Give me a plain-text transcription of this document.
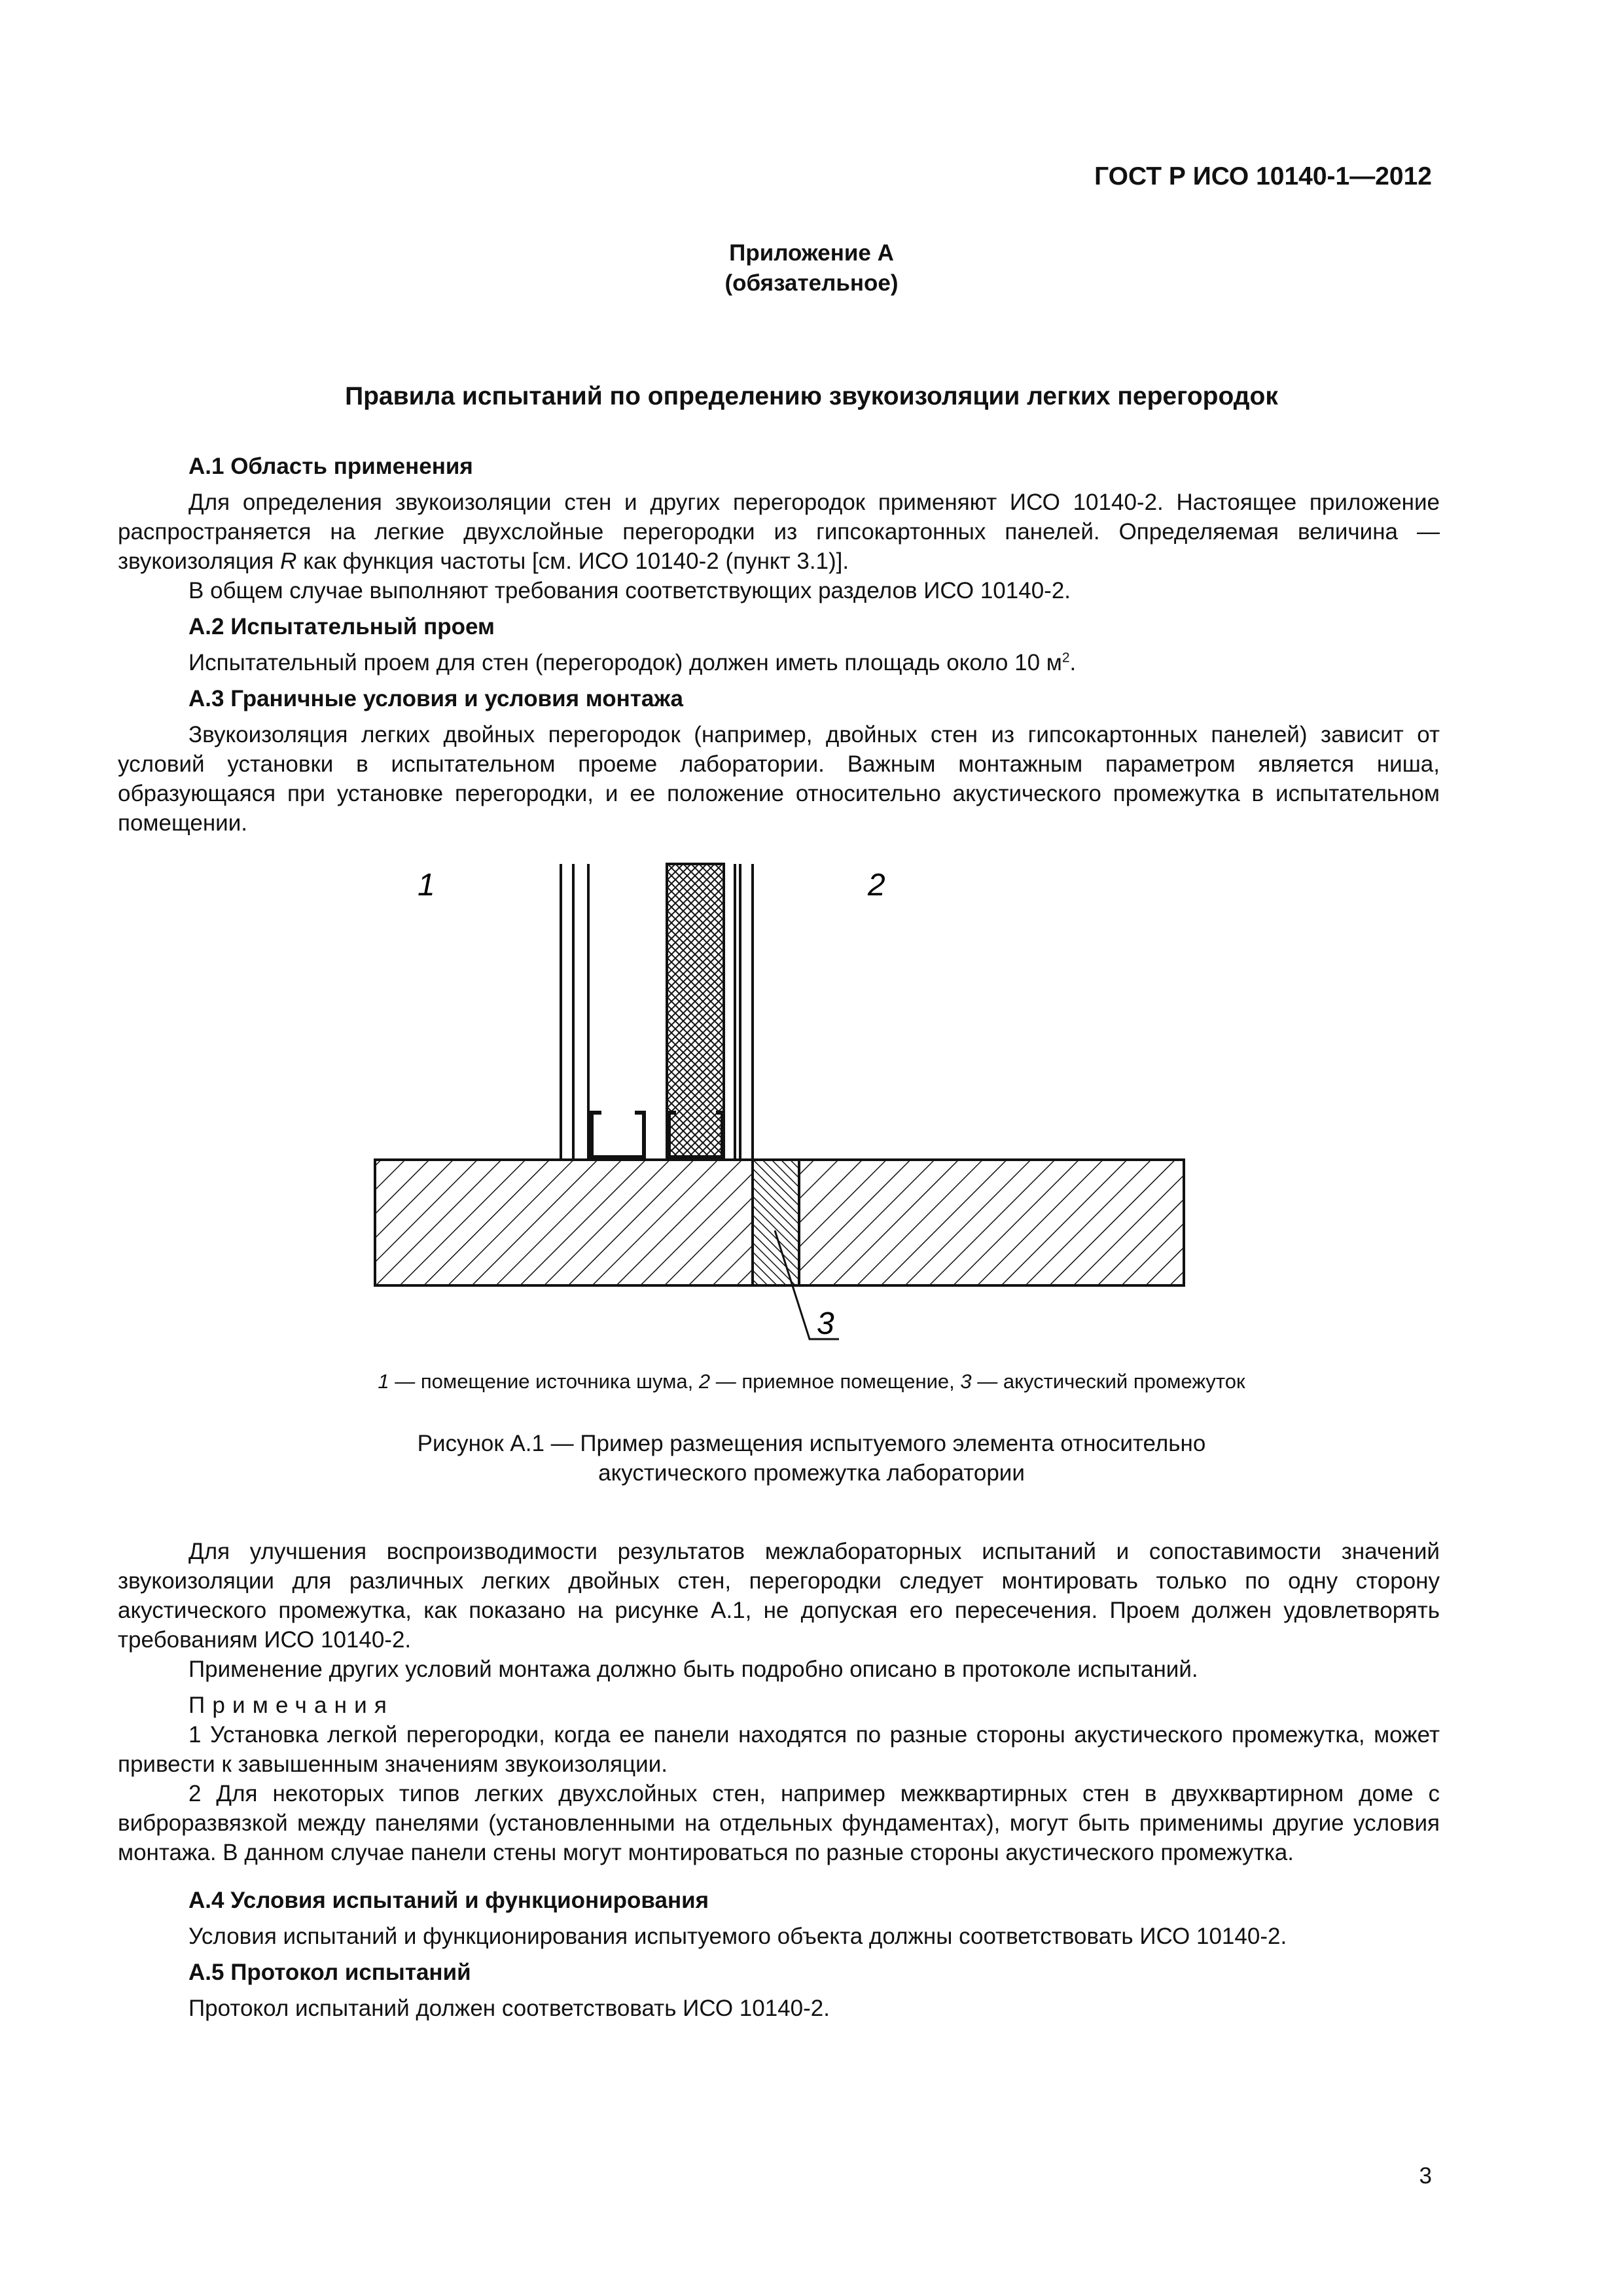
ГОСТ Р ИСО 10140-1—2012
Приложение А
(обязательное)
Правила испытаний по определению звукоизоляции легких перегородок

А.1 Область применения

Для определения звукоизоляции стен и других перегородок применяют ИСО 10140-2. Настоящее приложение распространяется на легкие двухслойные перегородки из гипсокартонных панелей. Определяемая величина — звукоизоляция R как функция частоты [см. ИСО 10140-2 (пункт 3.1)].

В общем случае выполняют требования соответствующих разделов ИСО 10140-2.

А.2 Испытательный проем

Испытательный проем для стен (перегородок) должен иметь площадь около 10 $м^2$.

А.3 Граничные условия и условия монтажа

Звукоизоляция легких двойных перегородок (например, двойных стен из гипсокартонных панелей) зависит от условий установки в испытательном проеме лаборатории. Важным монтажным параметром является ниша, образующаяся при установке перегородки, и ее положение относительно акустического промежутка в испытательном помещении.

1	2
3
1 — помещение источника шума, 2 — приемное помещение, 3 — акустический промежуток
Рисунок А.1 — Пример размещения испытуемого элемента относительно
акустического промежутка лаборатории

Для улучшения воспроизводимости результатов межлабораторных испытаний и сопоставимости значений звукоизоляции для различных легких двойных стен, перегородки следует монтировать только по одну сторону акустического промежутка, как показано на рисунке А.1, не допуская его пересечения. Проем должен удовлетворять требованиям ИСО 10140-2.

Применение других условий монтажа должно быть подробно описано в протоколе испытаний.

Примечания

1 Установка легкой перегородки, когда ее панели находятся по разные стороны акустического промежутка, может привести к завышенным значениям звукоизоляции.

2 Для некоторых типов легких двухслойных стен, например межквартирных стен в двухквартирном доме с виброразвязкой между панелями (установленными на отдельных фундаментах), могут быть применимы другие условия монтажа. В данном случае панели стены могут монтироваться по разные стороны акустического промежутка.

А.4 Условия испытаний и функционирования

Условия испытаний и функционирования испытуемого объекта должны соответствовать ИСО 10140-2.

А.5 Протокол испытаний

Протокол испытаний должен соответствовать ИСО 10140-2.

3
